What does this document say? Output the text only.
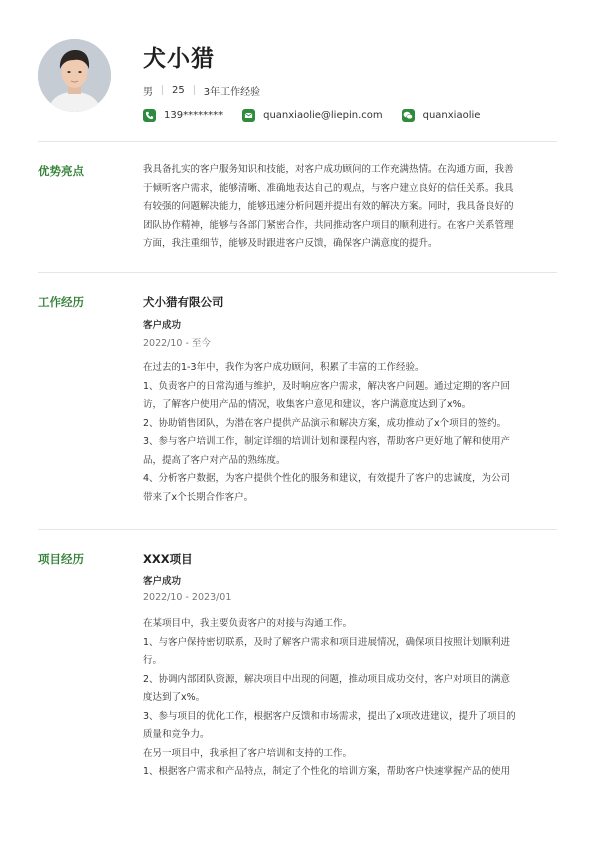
犬小猎
男 25 3年工作经验
139********	quanxiaolie@liepin.com	quanxiaolie
优势亮点	我具备扎实的客户服务知识和技能，对客户成功顾问的工作充满热情。在沟通方面，我善

于倾听客户需求，能够清晰、准确地表达自己的观点，与客户建立良好的信任关系。我具

有较强的问题解决能力，能够迅速分析问题并提出有效的解决方案。同时，我具备良好的

团队协作精神，能够与各部门紧密合作，共同推动客户项目的顺利进行。在客户关系管理

方面，我注重细节，能够及时跟进客户反馈，确保客户满意度的提升。

工作经历	犬小猎有限公司
客户成功
2022/10 - 至今

在过去的1-3年中，我作为客户成功顾问，积累了丰富的工作经验。

1、负责客户的日常沟通与维护，及时响应客户需求，解决客户问题。通过定期的客户回

访，了解客户使用产品的情况，收集客户意见和建议，客户满意度达到了x%。

2、协助销售团队，为潜在客户提供产品演示和解决方案，成功推动了x个项目的签约。

3、参与客户培训工作，制定详细的培训计划和课程内容，帮助客户更好地了解和使用产

品，提高了客户对产品的熟练度。

4、分析客户数据，为客户提供个性化的服务和建议，有效提升了客户的忠诚度，为公司

带来了x个长期合作客户。

项目经历	XXX项目
客户成功
2022/10 - 2023/01

在某项目中，我主要负责客户的对接与沟通工作。

1、与客户保持密切联系，及时了解客户需求和项目进展情况，确保项目按照计划顺利进

行。

2、协调内部团队资源，解决项目中出现的问题，推动项目成功交付，客户对项目的满意

度达到了x%。

3、参与项目的优化工作，根据客户反馈和市场需求，提出了x项改进建议，提升了项目的

质量和竞争力。

在另一项目中，我承担了客户培训和支持的工作。

1、根据客户需求和产品特点，制定了个性化的培训方案，帮助客户快速掌握产品的使用
